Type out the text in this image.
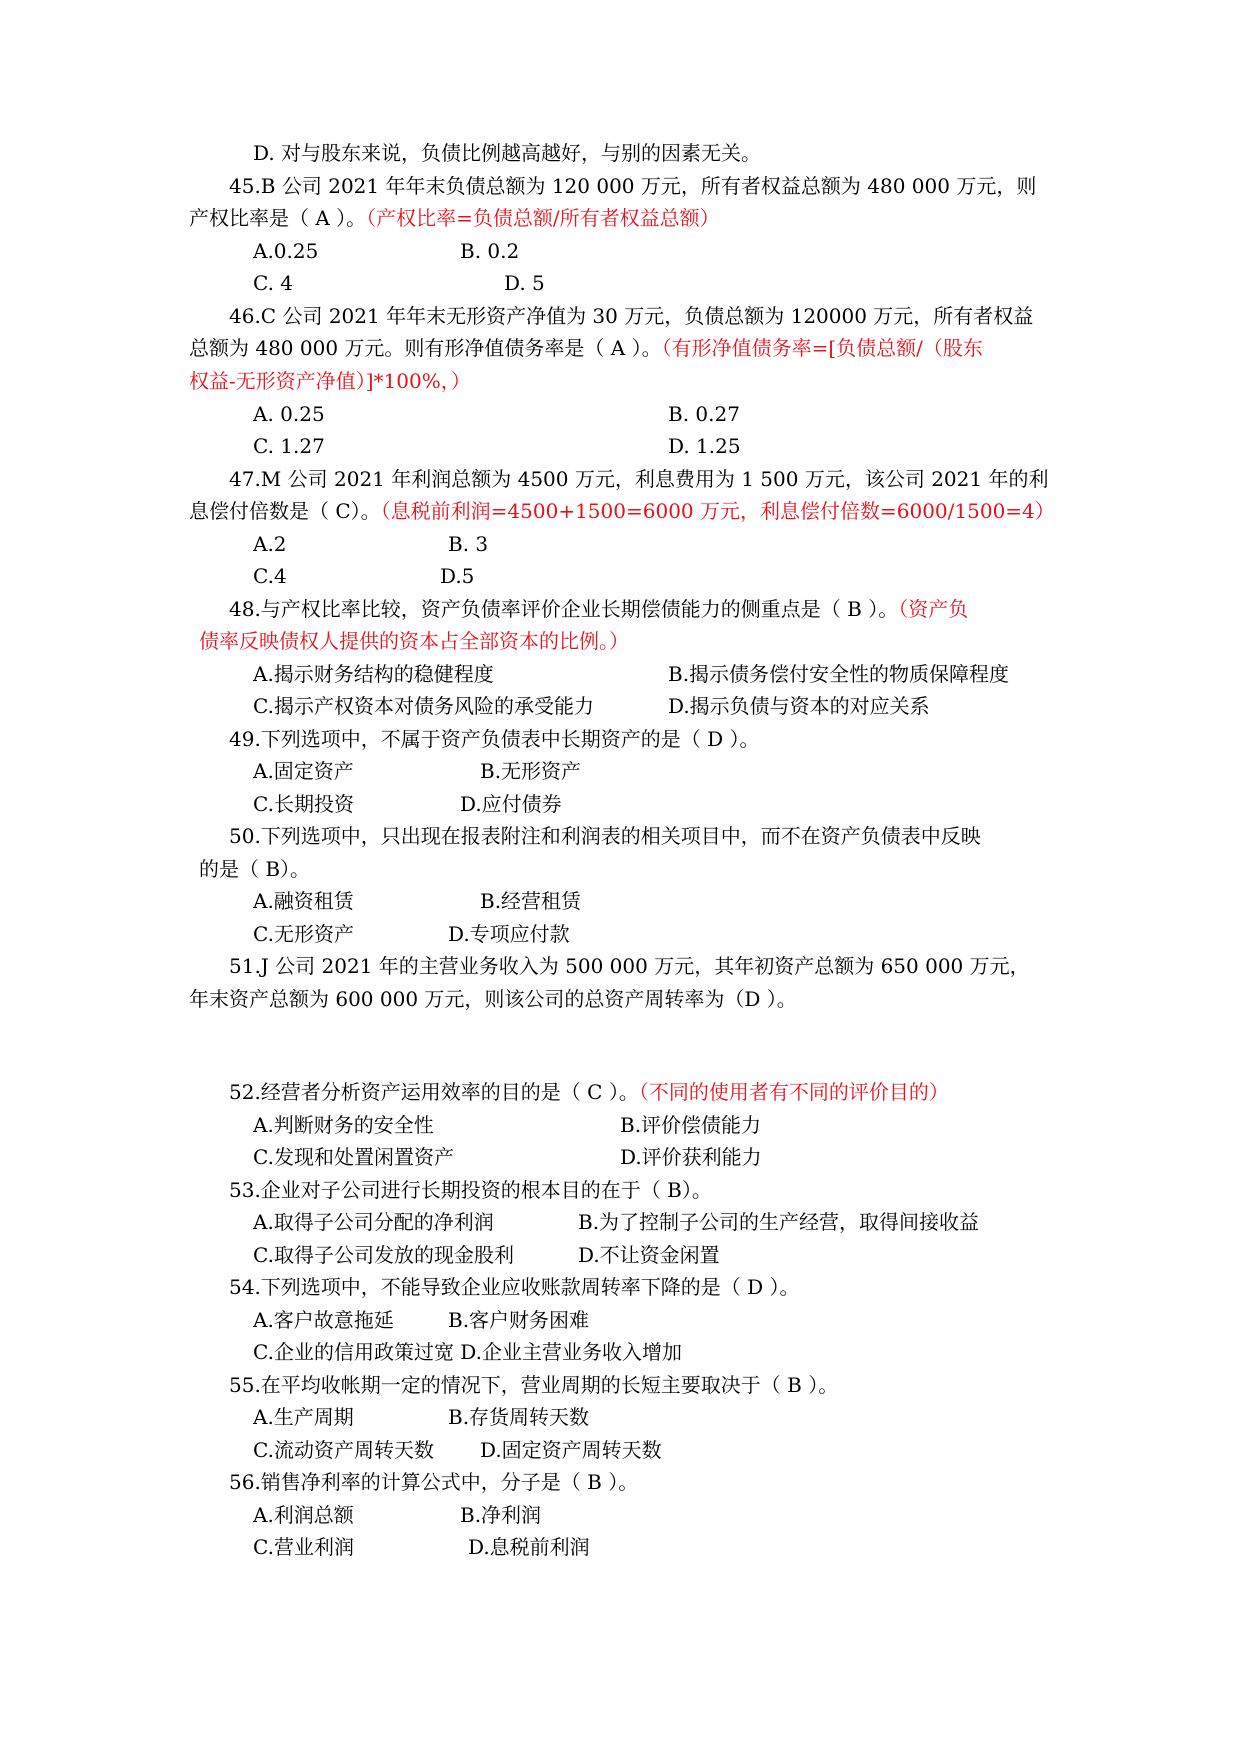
D. 对与股东来说，负债比例越高越好，与别的因素无关。
45.B 公司 2021 年年末负债总额为 120 000 万元，所有者权益总额为 480 000 万元，则
产权比率是（ A ）。（产权比率=负债总额/所有者权益总额）
A.0.25	B. 0.2
C. 4	D. 5
46.C 公司 2021 年年末无形资产净值为 30 万元，负债总额为 120000 万元，所有者权益
总额为 480 000 万元。则有形净值债务率是（ A ）。（有形净值债务率=[负债总额/（股东
权益-无形资产净值）]*100%，）
A. 0.25	B. 0.27
C. 1.27	D. 1.25
47.M 公司 2021 年利润总额为 4500 万元，利息费用为 1 500 万元，该公司 2021 年的利
息偿付倍数是（ C）。（息税前利润=4500+1500=6000 万元，利息偿付倍数=6000/1500=4）
A.2	B. 3
C.4	D.5
48.与产权比率比较，资产负债率评价企业长期偿债能力的侧重点是（ B ）。（资产负
债率反映债权人提供的资本占全部资本的比例。）
A.揭示财务结构的稳健程度	B.揭示债务偿付安全性的物质保障程度
C.揭示产权资本对债务风险的承受能力	D.揭示负债与资本的对应关系
49.下列选项中，不属于资产负债表中长期资产的是（ D ）。
A.固定资产	B.无形资产
C.长期投资	D.应付债券
50.下列选项中，只出现在报表附注和利润表的相关项目中，而不在资产负债表中反映
的是（ B）。
A.融资租赁	B.经营租赁
C.无形资产	D.专项应付款
51.J 公司 2021 年的主营业务收入为 500 000 万元，其年初资产总额为 650 000 万元，
年末资产总额为 600 000 万元，则该公司的总资产周转率为（D ）。
52.经营者分析资产运用效率的目的是（ C ）。（不同的使用者有不同的评价目的）
A.判断财务的安全性	B.评价偿债能力
C.发现和处置闲置资产	D.评价获利能力
53.企业对子公司进行长期投资的根本目的在于（ B）。
A.取得子公司分配的净利润	B.为了控制子公司的生产经营，取得间接收益
C.取得子公司发放的现金股利	D.不让资金闲置
54.下列选项中，不能导致企业应收账款周转率下降的是（ D ）。
A.客户故意拖延	B.客户财务困难
C.企业的信用政策过宽 D.企业主营业务收入增加
55.在平均收帐期一定的情况下，营业周期的长短主要取决于（ B ）。
A.生产周期	B.存货周转天数
C.流动资产周转天数 D.固定资产周转天数
56.销售净利率的计算公式中，分子是（ B ）。
A.利润总额	B.净利润
C.营业利润	D.息税前利润
